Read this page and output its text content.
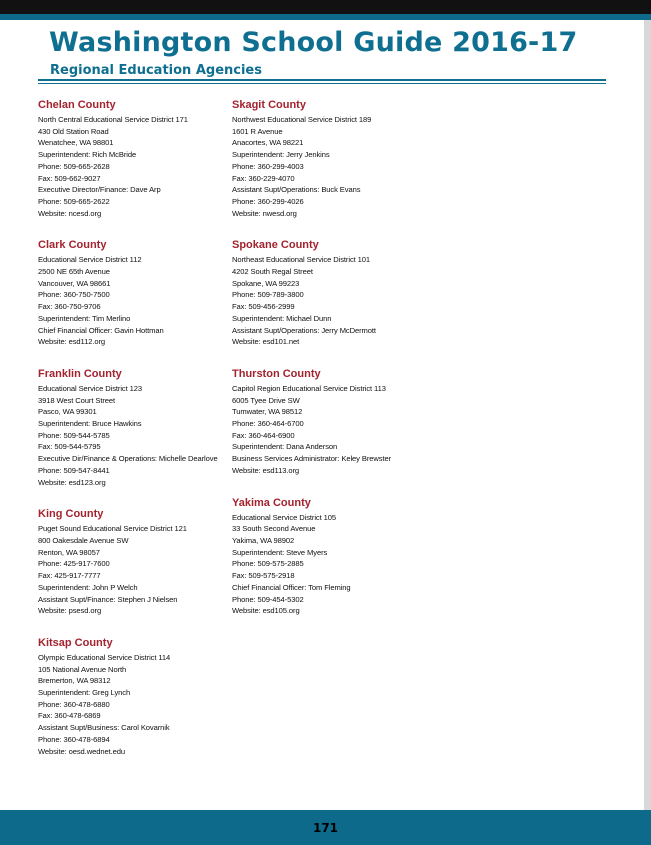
Washington School Guide 2016-17
Regional Education Agencies
Chelan County
North Central Educational Service District 171
430 Old Station Road
Wenatchee, WA 98801
Superintendent: Rich McBride
Phone: 509-665-2628
Fax: 509-662-9027
Executive Director/Finance: Dave Arp
Phone: 509-665-2622
Website: ncesd.org
Clark County
Educational Service District 112
2500 NE 65th Avenue
Vancouver, WA 98661
Phone: 360-750-7500
Fax: 360-750-9706
Superintendent: Tim Merlino
Chief Financial Officer: Gavin Hottman
Website: esd112.org
Franklin County
Educational Service District 123
3918 West Court Street
Pasco, WA 99301
Superintendent: Bruce Hawkins
Phone: 509-544-5785
Fax: 509-544-5795
Executive Dir/Finance & Operations: Michelle Dearlove
Phone: 509-547-8441
Website: esd123.org
King County
Puget Sound Educational Service District 121
800 Oakesdale Avenue SW
Renton, WA 98057
Phone: 425-917-7600
Fax: 425-917-7777
Superintendent: John P Welch
Assistant Supt/Finance: Stephen J Nielsen
Website: psesd.org
Kitsap County
Olympic Educational Service District 114
105 National Avenue North
Bremerton, WA 98312
Superintendent: Greg Lynch
Phone: 360-478-6880
Fax: 360-478-6869
Assistant Supt/Business: Carol Kovarnik
Phone: 360-478-6894
Website: oesd.wednet.edu
Skagit County
Northwest Educational Service District 189
1601 R Avenue
Anacortes, WA 98221
Superintendent: Jerry Jenkins
Phone: 360-299-4003
Fax: 360-229-4070
Assistant Supt/Operations: Buck Evans
Phone: 360-299-4026
Website: nwesd.org
Spokane County
Northeast Educational Service District 101
4202 South Regal Street
Spokane, WA 99223
Phone: 509-789-3800
Fax: 509-456-2999
Superintendent: Michael Dunn
Assistant Supt/Operations: Jerry McDermott
Website: esd101.net
Thurston County
Capitol Region Educational Service District 113
6005 Tyee Drive SW
Tumwater, WA 98512
Phone: 360-464-6700
Fax: 360-464-6900
Superintendent: Dana Anderson
Business Services Administrator: Keley Brewster
Website: esd113.org
Yakima County
Educational Service District 105
33 South Second Avenue
Yakima, WA 98902
Superintendent: Steve Myers
Phone: 509-575-2885
Fax: 509-575-2918
Chief Financial Officer: Tom Fleming
Phone: 509-454-5302
Website: esd105.org
171
